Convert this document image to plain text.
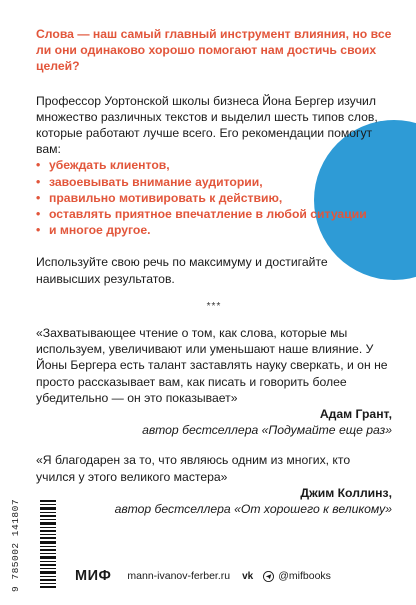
Слова — наш самый главный инструмент влияния, но все ли они одинаково хорошо помогают нам достичь своих целей?

Профессор Уортонской школы бизнеса Йона Бергер изучил множество различных текстов и выделил шесть типов слов, которые работают лучше всего. Его рекомендации помогут вам:

• убеждать клиентов,
• завоевывать внимание аудитории,
• правильно мотивировать к действию,
• оставлять приятное впечатление в любой ситуации
• и многое другое.

Используйте свою речь по максимуму и достигайте наивысших результатов.

***

«Захватывающее чтение о том, как слова, которые мы используем, увеличивают или уменьшают наше влияние. У Йоны Бергера есть талант заставлять науку сверкать, и он не просто рассказывает вам, как писать и говорить более убедительно — он это показывает»

Адам Грант,
автор бестселлера «Подумайте еще раз»

«Я благодарен за то, что являюсь одним из многих, кто учился у этого великого мастера»

Джим Коллинз,
автор бестселлера «От хорошего к великому»
9 785002 141807	МИФ mann-ivanov-ferber.ru vk @mifbooks
